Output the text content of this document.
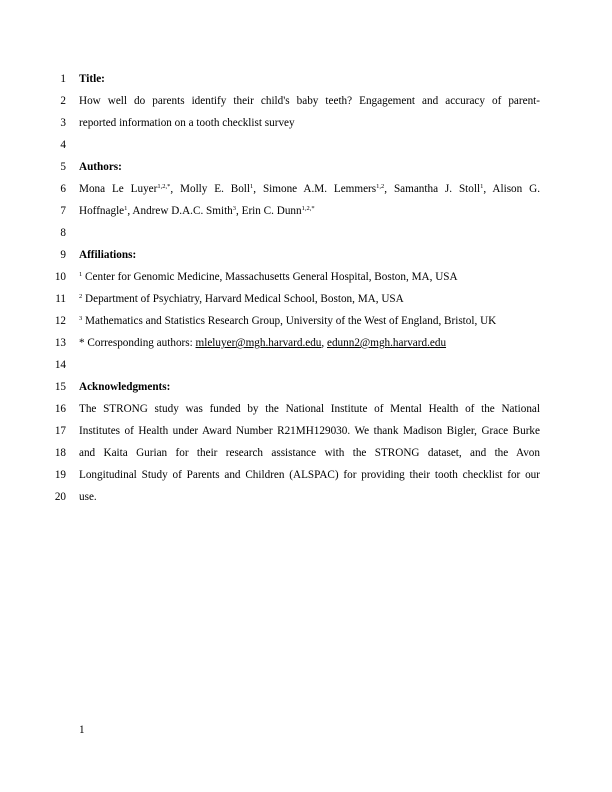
1
2
3
4
5
6
7
8
9
10
11
12
13
14
15
16
17
18
19
20
Title:
How well do parents identify their child's baby teeth? Engagement and accuracy of parent-
reported information on a tooth checklist survey
Authors:
Mona Le Luyer$^{1,2,*}$, Molly E. Boll$^1$, Simone A.M. Lemmers$^{1,2}$, Samantha J. Stoll$^1$, Alison G.
Hoffnagle$^1$, Andrew D.A.C. Smith$^3$, Erin C. Dunn$^{1,2,*}$
Affiliations:
$^1$ Center for Genomic Medicine, Massachusetts General Hospital, Boston, MA, USA
$^2$ Department of Psychiatry, Harvard Medical School, Boston, MA, USA
$^3$ Mathematics and Statistics Research Group, University of the West of England, Bristol, UK
* Corresponding authors: mleluyer@mgh.harvard.edu, edunn2@mgh.harvard.edu
Acknowledgments:
The STRONG study was funded by the National Institute of Mental Health of the National
Institutes of Health under Award Number R21MH129030. We thank Madison Bigler, Grace Burke
and Kaita Gurian for their research assistance with the STRONG dataset, and the Avon
Longitudinal Study of Parents and Children (ALSPAC) for providing their tooth checklist for our
use.
1
